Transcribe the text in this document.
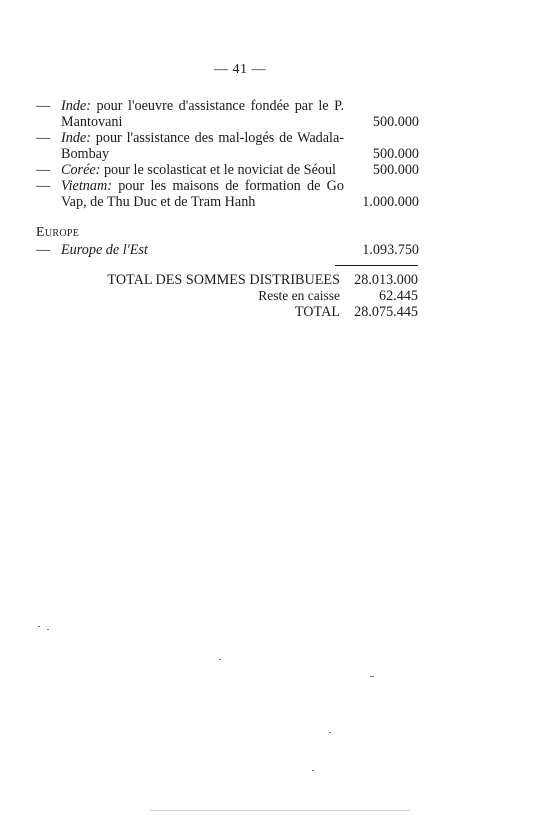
— 41 —
— Inde: pour l'oeuvre d'assistance fondée par le P. Mantovani	500.000
— Inde: pour l'assistance des mal-logés de Wadala-Bombay	500.000
— Corée: pour le scolasticat et le noviciat de Séoul	500.000
— Vietnam: pour les maisons de formation de Go Vap, de Thu Duc et de Tram Hanh	1.000.000
Europe
— Europe de l'Est	1.093.750
TOTAL DES SOMMES DISTRIBUEES 28.013.000
Reste en caisse	62.445
TOTAL 28.075.445
